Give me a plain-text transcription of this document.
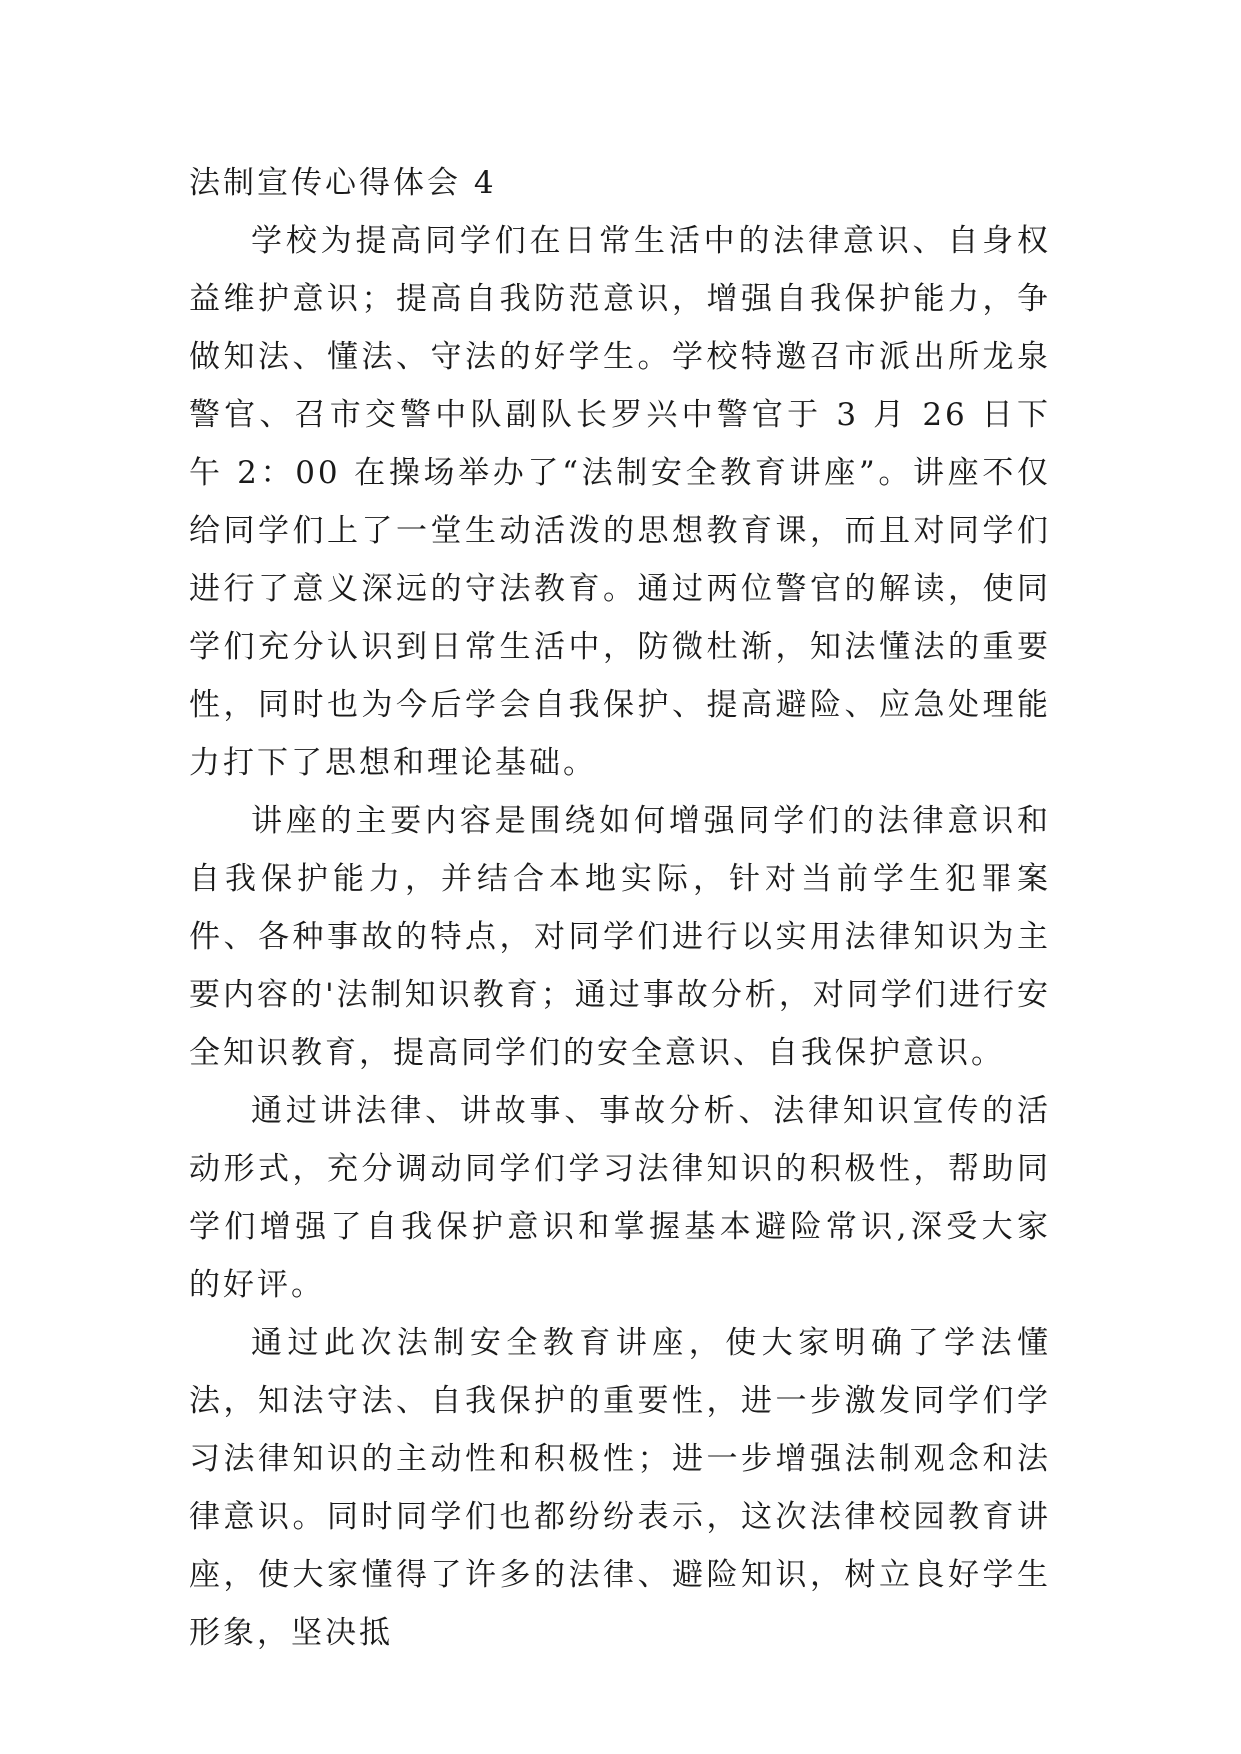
法制宣传心得体会 4

学校为提高同学们在日常生活中的法律意识、自身权益维护意识；提高自我防范意识，增强自我保护能力，争做知法、懂法、守法的好学生。学校特邀召市派出所龙泉警官、召市交警中队副队长罗兴中警官于 3 月 26 日下午 2：00 在操场举办了“法制安全教育讲座”。讲座不仅给同学们上了一堂生动活泼的思想教育课，而且对同学们进行了意义深远的守法教育。通过两位警官的解读，使同学们充分认识到日常生活中，防微杜渐，知法懂法的重要性，同时也为今后学会自我保护、提高避险、应急处理能力打下了思想和理论基础。

讲座的主要内容是围绕如何增强同学们的法律意识和自我保护能力，并结合本地实际，针对当前学生犯罪案件、各种事故的特点，对同学们进行以实用法律知识为主要内容的'法制知识教育；通过事故分析，对同学们进行安全知识教育，提高同学们的安全意识、自我保护意识。

通过讲法律、讲故事、事故分析、法律知识宣传的活动形式，充分调动同学们学习法律知识的积极性，帮助同学们增强了自我保护意识和掌握基本避险常识,深受大家的好评。

通过此次法制安全教育讲座，使大家明确了学法懂法，知法守法、自我保护的重要性，进一步激发同学们学习法律知识的主动性和积极性；进一步增强法制观念和法律意识。同时同学们也都纷纷表示，这次法律校园教育讲座，使大家懂得了许多的法律、避险知识，树立良好学生形象，坚决抵
